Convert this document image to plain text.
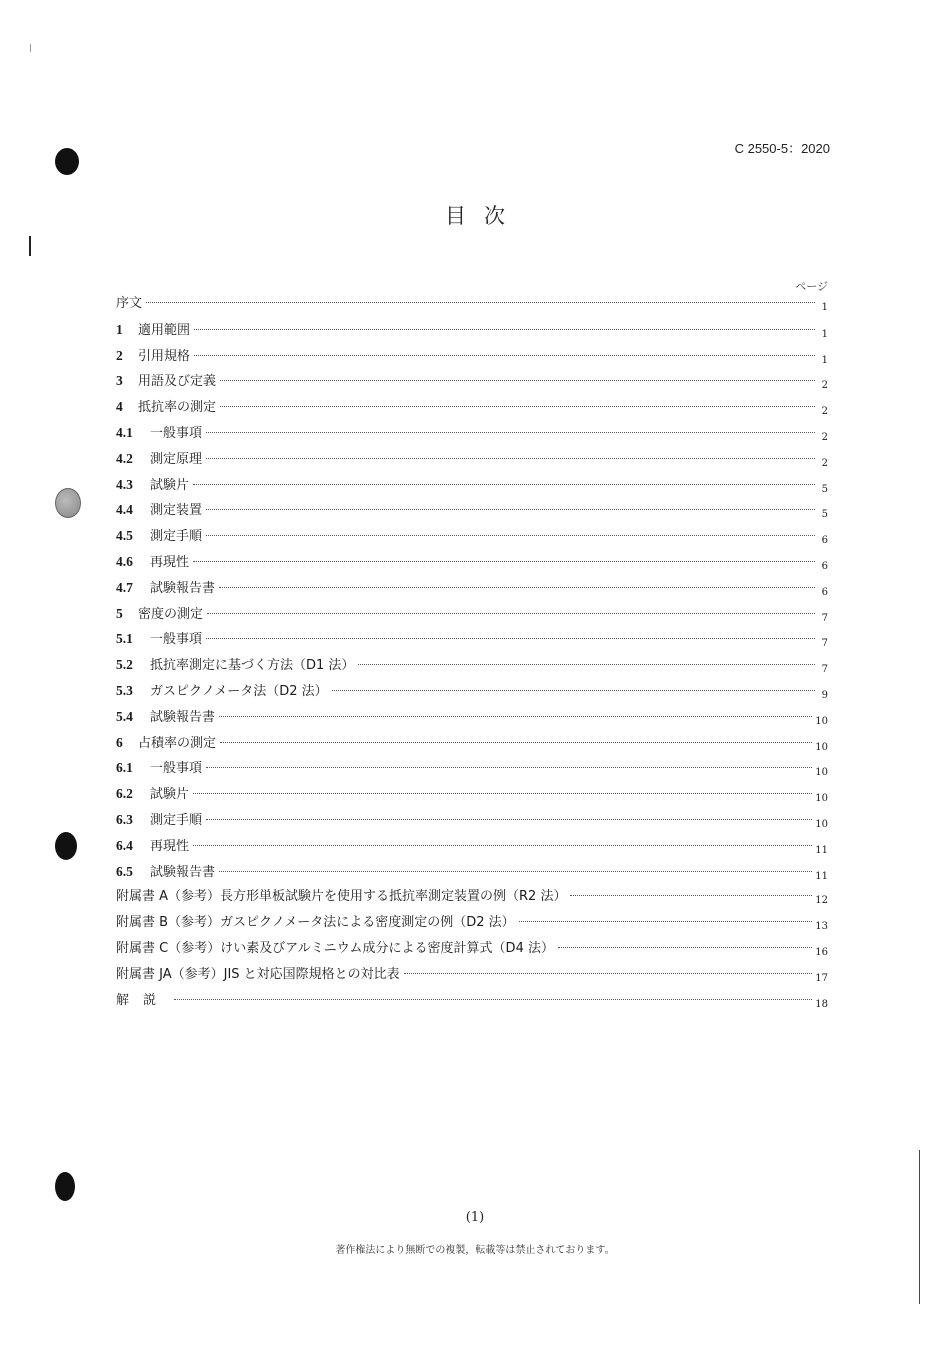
C 2550-5：2020
目次
ページ
序文	1
1	適用範囲	1
2	引用規格	1
3	用語及び定義	2
4	抵抗率の測定	2
4.1	一般事項	2
4.2	測定原理	2
4.3	試験片	5
4.4	測定装置	5
4.5	測定手順	6
4.6	再現性	6
4.7	試験報告書	6
5	密度の測定	7
5.1	一般事項	7
5.2	抵抗率測定に基づく方法（D1 法）	7
5.3	ガスピクノメータ法（D2 法）	9
5.4	試験報告書	10
6	占積率の測定	10
6.1	一般事項	10
6.2	試験片	10
6.3	測定手順	10
6.4	再現性	11
6.5	試験報告書	11
附属書 A（参考）長方形単板試験片を使用する抵抗率測定装置の例（R2 法）	12
附属書 B（参考）ガスピクノメータ法による密度測定の例（D2 法）	13
附属書 C（参考）けい素及びアルミニウム成分による密度計算式（D4 法）	16
附属書 JA（参考）JIS と対応国際規格との対比表	17
解説	18
(1)
著作権法により無断での複製，転載等は禁止されております。
